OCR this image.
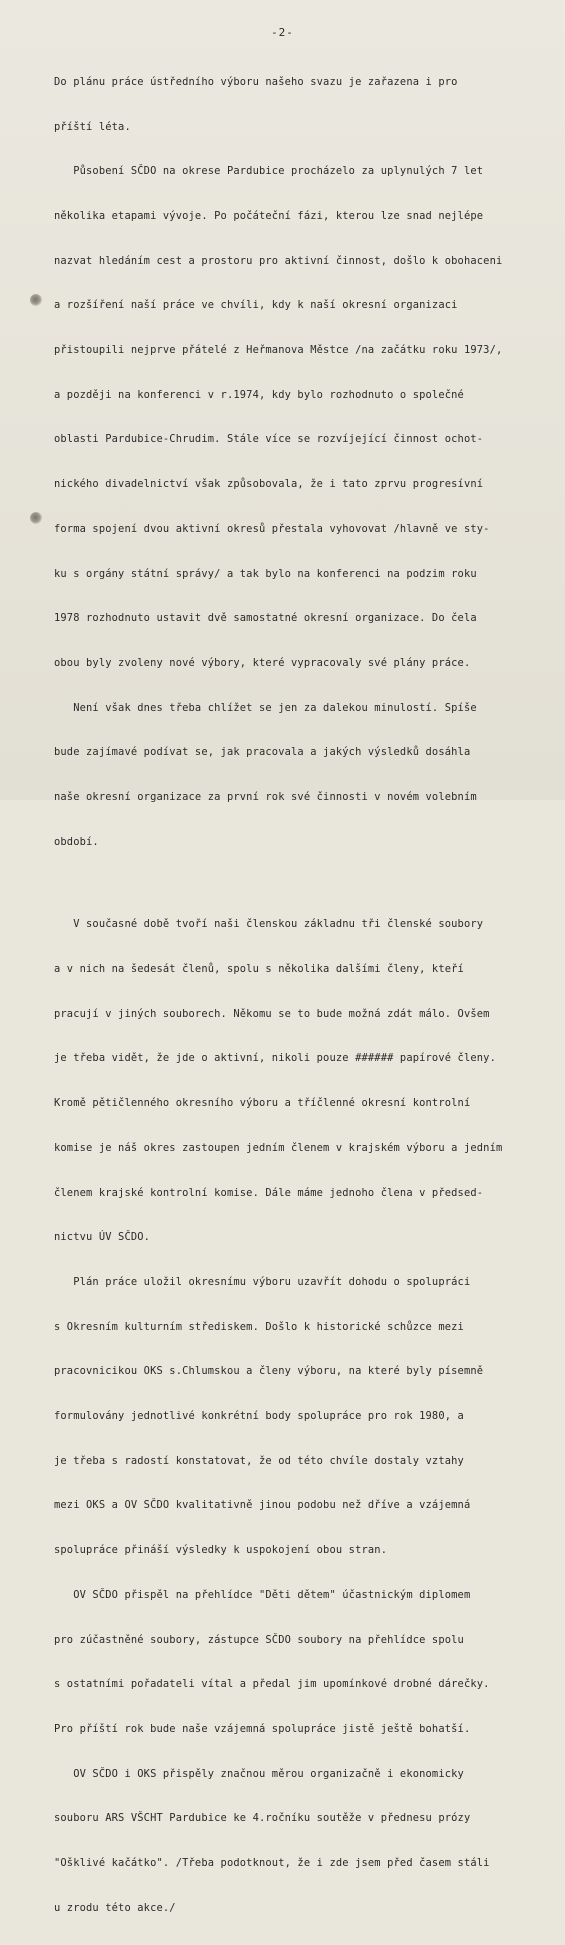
-2-

Do plánu práce ústředního výboru našeho svazu je zařazena i pro

příští léta.

Působení SČDO na okrese Pardubice procházelo za uplynulých 7 let

několika etapami vývoje. Po počáteční fázi, kterou lze snad nejlépe

nazvat hledáním cest a prostoru pro aktivní činnost, došlo k obohaceni

a rozšíření naší práce ve chvíli, kdy k naší okresní organizaci

přistoupili nejprve přátelé z Heřmanova Městce /na začátku roku 1973/,

a později na konferenci v r.1974, kdy bylo rozhodnuto o společné

oblasti Pardubice-Chrudim. Stále více se rozvíjející činnost ochot-

nického divadelnictví však způsobovala, že i tato zprvu progresívní

forma spojení dvou aktivní okresů přestala vyhovovat /hlavně ve sty-

ku s orgány státní správy/ a tak bylo na konferenci na podzim roku

1978 rozhodnuto ustavit dvě samostatné okresní organizace. Do čela

obou byly zvoleny nové výbory, které vypracovaly své plány práce.

Není však dnes třeba chlížet se jen za dalekou minulostí. Spíše

bude zajímavé podívat se, jak pracovala a jakých výsledků dosáhla

naše okresní organizace za první rok své činnosti v novém volebním

období.

V současné době tvoří naši členskou základnu tři členské soubory

a v nich na šedesát členů, spolu s několika dalšími členy, kteří

pracují v jiných souborech. Někomu se to bude možná zdát málo. Ovšem

je třeba vidět, že jde o aktivní, nikoli pouze ###### papírové členy.

Kromě pětičlenného okresního výboru a tříčlenné okresní kontrolní

komise je náš okres zastoupen jedním členem v krajském výboru a jedním

členem krajské kontrolní komise. Dále máme jednoho člena v předsed-

nictvu ÚV SČDO.

Plán práce uložil okresnímu výboru uzavřít dohodu o spolupráci

s Okresním kulturním střediskem. Došlo k historické schůzce mezi

pracovnicikou OKS s.Chlumskou a členy výboru, na které byly písemně

formulovány jednotlivé konkrétní body spolupráce pro rok 1980, a

je třeba s radostí konstatovat, že od této chvíle dostaly vztahy

mezi OKS a OV SČDO kvalitativně jinou podobu než dříve a vzájemná

spolupráce přináší výsledky k uspokojení obou stran.

OV SČDO přispěl na přehlídce "Děti dětem" účastnickým diplomem

pro zúčastněné soubory, zástupce SČDO soubory na přehlídce spolu

s ostatními pořadateli vítal a předal jim upomínkové drobné dárečky.

Pro příští rok bude naše vzájemná spolupráce jistě ještě bohatší.

OV SČDO i OKS přispěly značnou měrou organizačně i ekonomicky

souboru ARS VŠCHT Pardubice ke 4.ročníku soutěže v přednesu prózy

"Ošklivé kačátko". /Třeba podotknout, že i zde jsem před časem stáli

u zrodu této akce./
